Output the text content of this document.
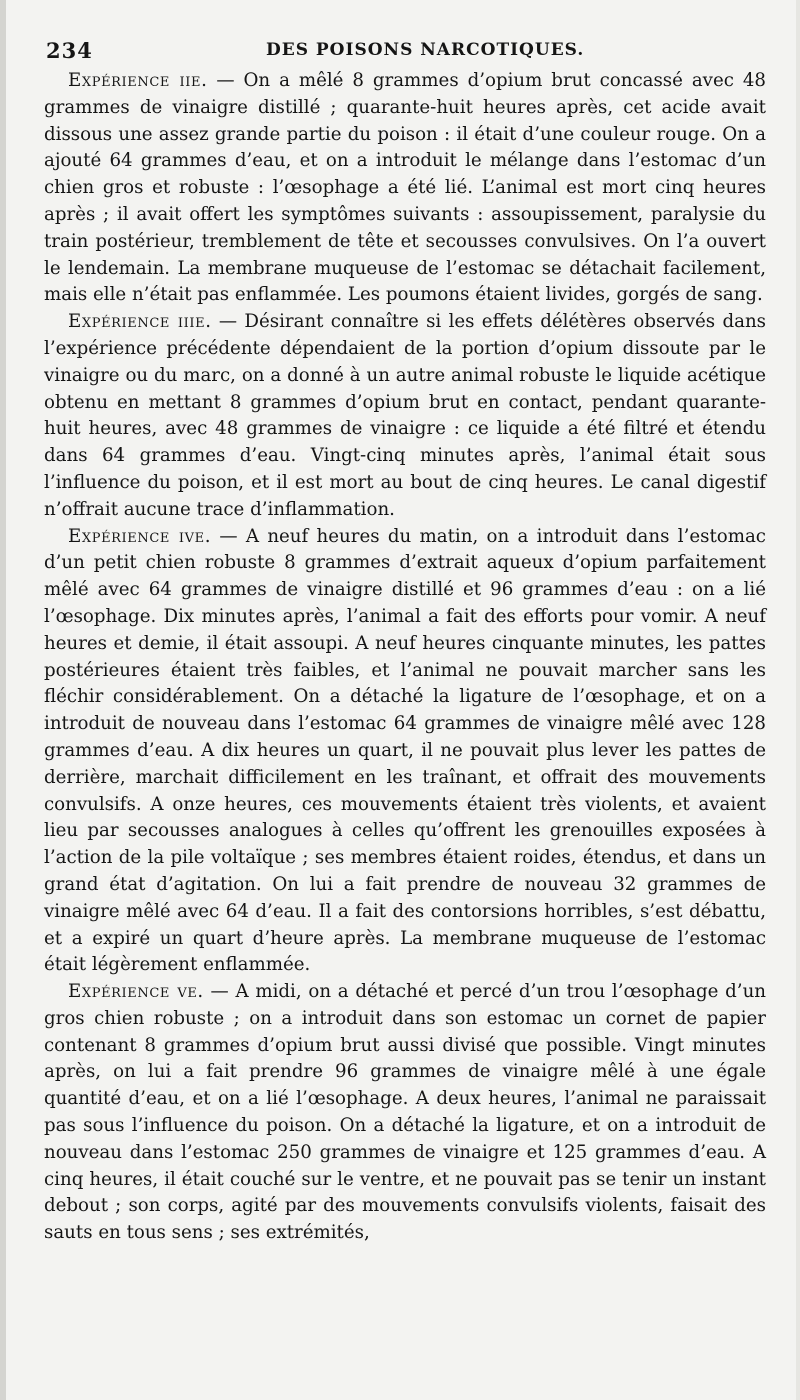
234	DES POISONS NARCOTIQUES.

Expérience iie. — On a mêlé 8 grammes d’opium brut concassé avec 48 grammes de vinaigre distillé ; quarante-huit heures après, cet acide avait dissous une assez grande partie du poison : il était d’une couleur rouge. On a ajouté 64 grammes d’eau, et on a introduit le mélange dans l’estomac d’un chien gros et robuste : l’œsophage a été lié. L’animal est mort cinq heures après ; il avait offert les symptômes suivants : assoupissement, paralysie du train postérieur, tremblement de tête et secousses convulsives. On l’a ouvert le lendemain. La membrane muqueuse de l’estomac se détachait facilement, mais elle n’était pas enflammée. Les poumons étaient livides, gorgés de sang.

Expérience iiie. — Désirant connaître si les effets délétères observés dans l’expérience précédente dépendaient de la portion d’opium dissoute par le vinaigre ou du marc, on a donné à un autre animal robuste le liquide acétique obtenu en mettant 8 grammes d’opium brut en contact, pendant quarante-huit heures, avec 48 grammes de vinaigre : ce liquide a été filtré et étendu dans 64 grammes d’eau. Vingt-cinq minutes après, l’animal était sous l’influence du poison, et il est mort au bout de cinq heures. Le canal digestif n’offrait aucune trace d’inflammation.

Expérience ive. — A neuf heures du matin, on a introduit dans l’estomac d’un petit chien robuste 8 grammes d’extrait aqueux d’opium parfaitement mêlé avec 64 grammes de vinaigre distillé et 96 grammes d’eau : on a lié l’œsophage. Dix minutes après, l’animal a fait des efforts pour vomir. A neuf heures et demie, il était assoupi. A neuf heures cinquante minutes, les pattes postérieures étaient très faibles, et l’animal ne pouvait marcher sans les fléchir considérablement. On a détaché la ligature de l’œsophage, et on a introduit de nouveau dans l’estomac 64 grammes de vinaigre mêlé avec 128 grammes d’eau. A dix heures un quart, il ne pouvait plus lever les pattes de derrière, marchait difficilement en les traînant, et offrait des mouvements convulsifs. A onze heures, ces mouvements étaient très violents, et avaient lieu par secousses analogues à celles qu’offrent les grenouilles exposées à l’action de la pile voltaïque ; ses membres étaient roides, étendus, et dans un grand état d’agitation. On lui a fait prendre de nouveau 32 grammes de vinaigre mêlé avec 64 d’eau. Il a fait des contorsions horribles, s’est débattu, et a expiré un quart d’heure après. La membrane muqueuse de l’estomac était légèrement enflammée.

Expérience ve. — A midi, on a détaché et percé d’un trou l’œsophage d’un gros chien robuste ; on a introduit dans son estomac un cornet de papier contenant 8 grammes d’opium brut aussi divisé que possible. Vingt minutes après, on lui a fait prendre 96 grammes de vinaigre mêlé à une égale quantité d’eau, et on a lié l’œsophage. A deux heures, l’animal ne paraissait pas sous l’influence du poison. On a détaché la ligature, et on a introduit de nouveau dans l’estomac 250 grammes de vinaigre et 125 grammes d’eau. A cinq heures, il était couché sur le ventre, et ne pouvait pas se tenir un instant debout ; son corps, agité par des mouvements convulsifs violents, faisait des sauts en tous sens ; ses extrémités,
